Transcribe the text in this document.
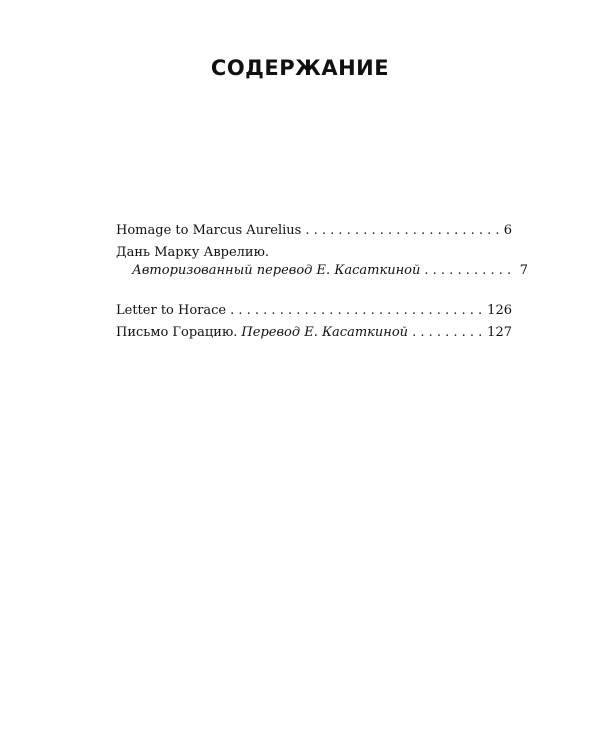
СОДЕРЖАНИЕ
Homage to Marcus Aurelius . . .	6
Дань Марку Аврелию.
Авторизованный перевод Е. Касаткиной . . .	7
Letter to Horace . . .	126
Письмо Горацию. Перевод Е. Касаткиной . . .	127
